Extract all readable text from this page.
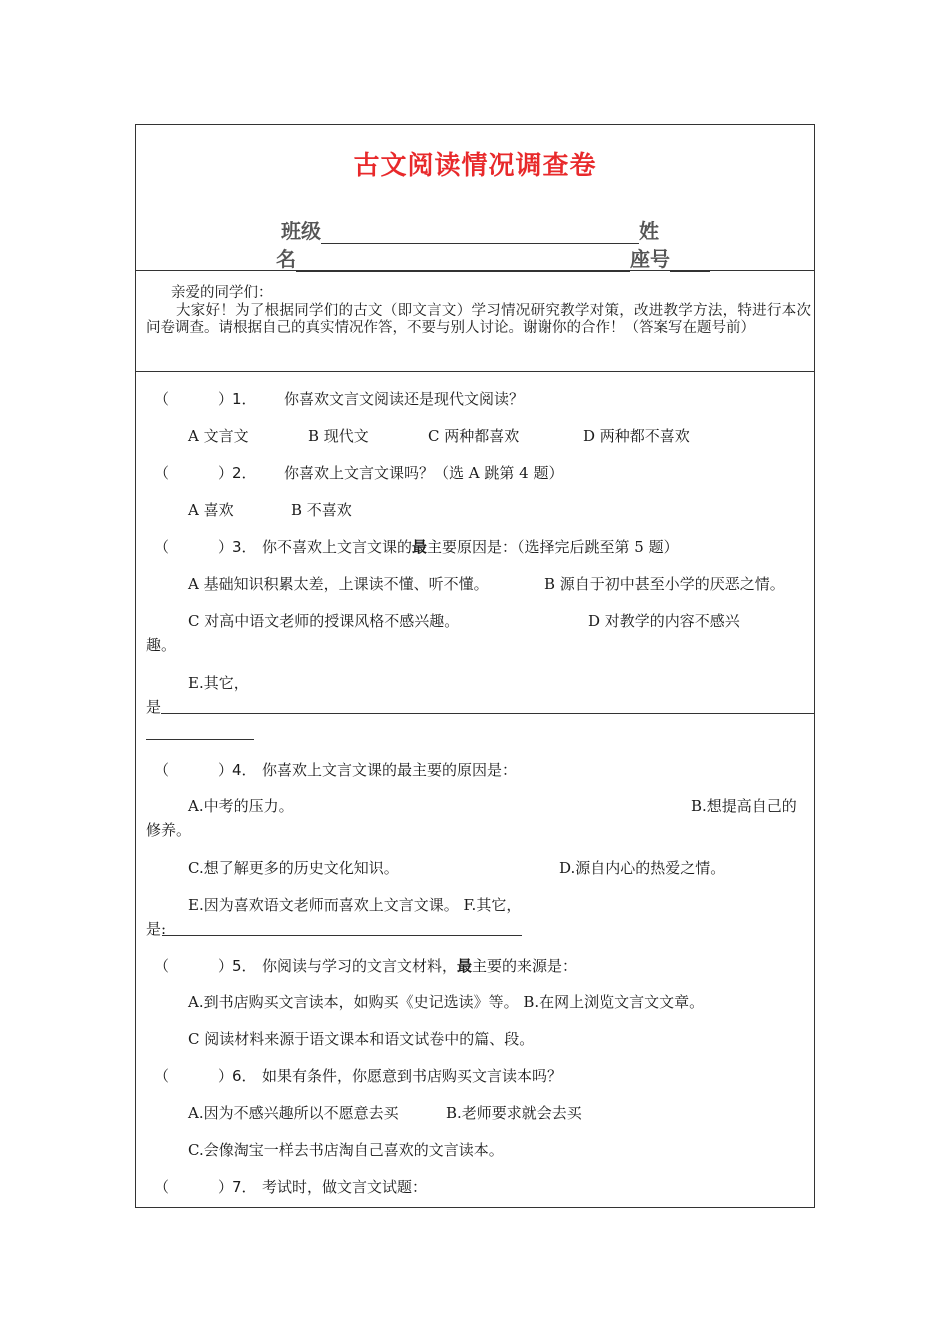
古文阅读情况调查卷
班级	姓
名	座号
亲爱的同学们：
大家好！为了根据同学们的古文（即文言文）学习情况研究教学对策，改进教学方法，特进行本次问卷调查。请根据自己的真实情况作答，不要与别人讨论。谢谢你的合作！（答案写在题号前）
（	）
1． 你喜欢文言文阅读还是现代文阅读？
A 文言文	B 现代文	C 两种都喜欢	D 两种都不喜欢
（	）
2． 你喜欢上文言文课吗？（选 A 跳第 4 题）
A 喜欢	B 不喜欢
（	）
3． 你不喜欢上文言文课的最主要原因是：（选择完后跳至第 5 题）
A 基础知识积累太差，上课读不懂、听不懂。	B 源自于初中甚至小学的厌恶之情。
C 对高中语文老师的授课风格不感兴趣。	D 对教学的内容不感兴
趣。
E.其它，
是
（	）
4． 你喜欢上文言文课的最主要的原因是：
A.中考的压力。	B.想提高自己的
修养。
C.想了解更多的历史文化知识。	D.源自内心的热爱之情。
E.因为喜欢语文老师而喜欢上文言文课。 F.其它，
是:
（	）
5． 你阅读与学习的文言文材料，最主要的来源是：
A.到书店购买文言读本，如购买《史记选读》等。 B.在网上浏览文言文文章。
C 阅读材料来源于语文课本和语文试卷中的篇、段。
（	）
6． 如果有条件，你愿意到书店购买文言读本吗？
A.因为不感兴趣所以不愿意去买	B.老师要求就会去买
C.会像淘宝一样去书店淘自己喜欢的文言读本。
（	）
7． 考试时，做文言文试题：
